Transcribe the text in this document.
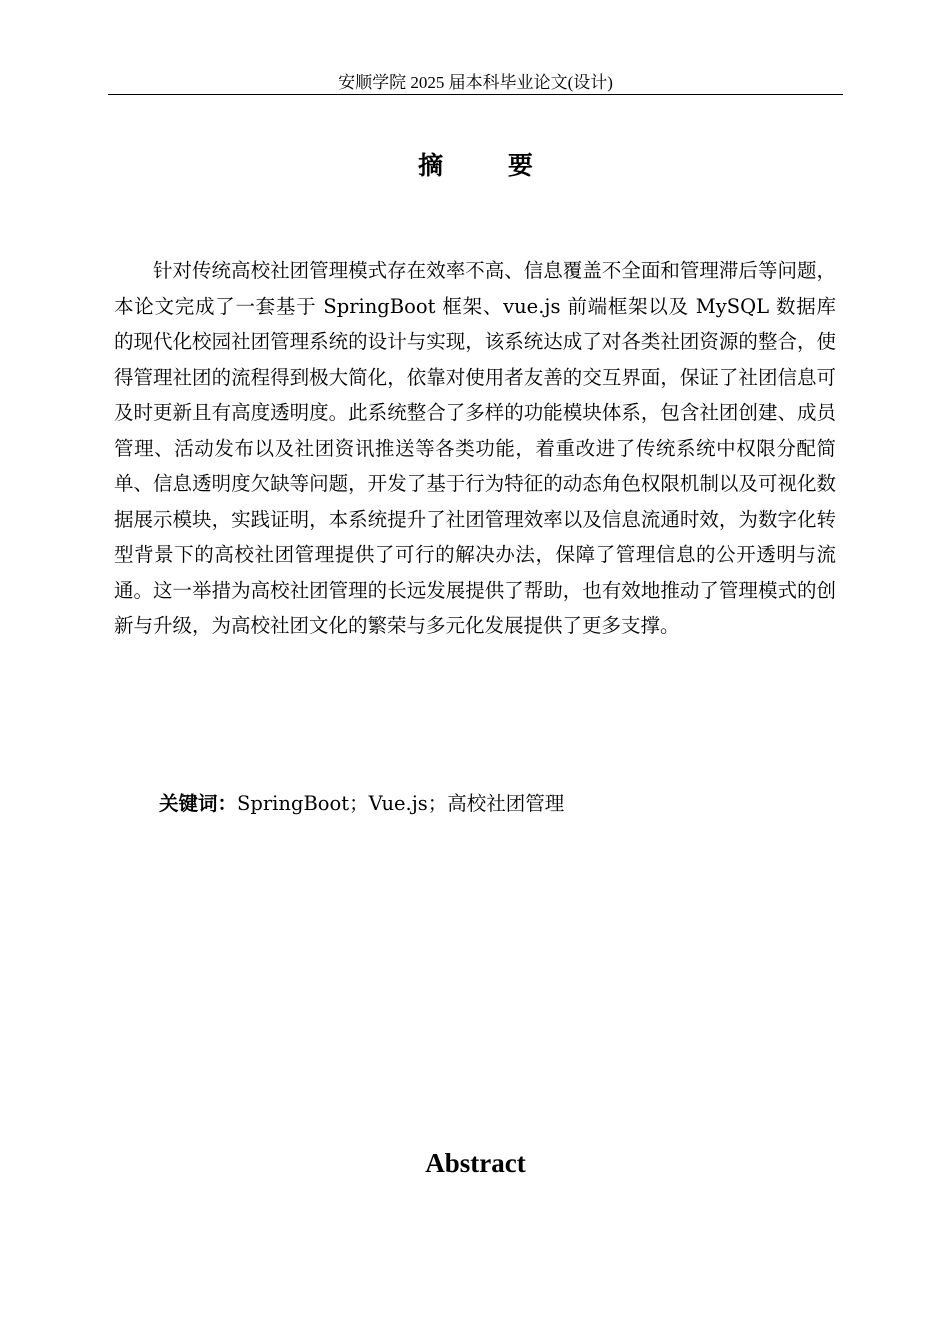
安顺学院 2025 届本科毕业论文(设计)
摘 要

针对传统高校社团管理模式存在效率不高、信息覆盖不全面和管理滞后等问题，本论文完成了一套基于 SpringBoot 框架、vue.js 前端框架以及 MySQL 数据库的现代化校园社团管理系统的设计与实现，该系统达成了对各类社团资源的整合，使得管理社团的流程得到极大简化，依靠对使用者友善的交互界面，保证了社团信息可及时更新且有高度透明度。此系统整合了多样的功能模块体系，包含社团创建、成员管理、活动发布以及社团资讯推送等各类功能，着重改进了传统系统中权限分配简单、信息透明度欠缺等问题，开发了基于行为特征的动态角色权限机制以及可视化数据展示模块，实践证明，本系统提升了社团管理效率以及信息流通时效，为数字化转型背景下的高校社团管理提供了可行的解决办法，保障了管理信息的公开透明与流通。这一举措为高校社团管理的长远发展提供了帮助，也有效地推动了管理模式的创新与升级，为高校社团文化的繁荣与多元化发展提供了更多支撑。

关键词：SpringBoot；Vue.js；高校社团管理
Abstract
